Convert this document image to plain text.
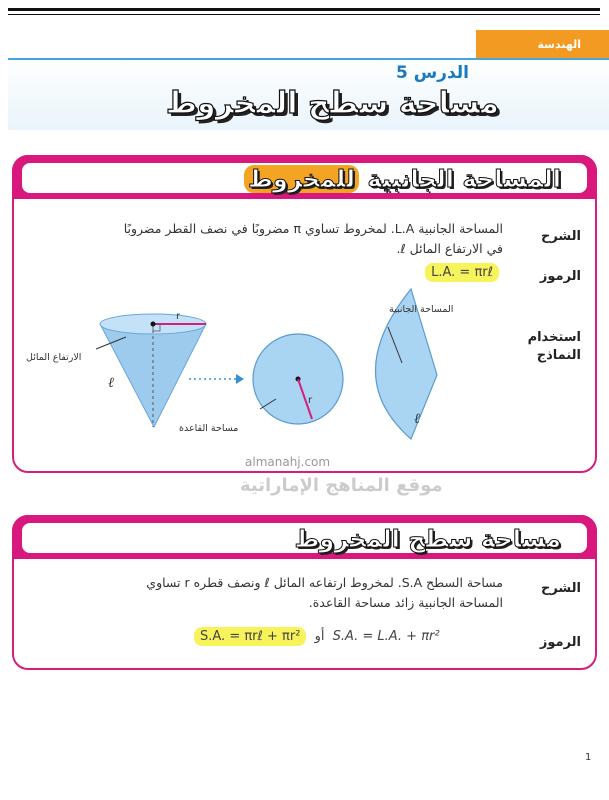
الهندسة
الدرس 5
مساحة سطح المخروط
المساحة الجانبية للمخروط
الشرح
المساحة الجانبية L.A. لمخروط تساوي π مضروبًا في نصف القطر مضروبًا في الارتفاع المائل ℓ.
الرموز
L.A. = πrℓ
استخدام النماذج
r
ℓ
r
ℓ
الارتفاع المائل
مساحة القاعدة
المساحة الجانبية
almanahj.com
موقع المناهج الإماراتية
مساحة سطح المخروط
الشرح
مساحة السطح S.A. لمخروط ارتفاعه المائل ℓ ونصف قطره r تساوي المساحة الجانبية زائد مساحة القاعدة.
الرموز
S.A. = πrℓ + πr² أو S.A. = L.A. + πr²
1
